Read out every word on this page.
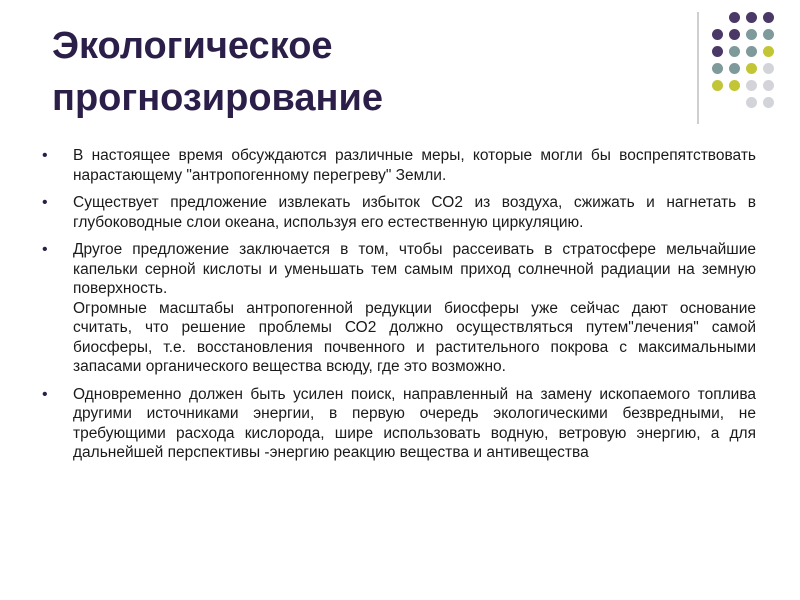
Экологическое
прогнозирование
• В настоящее время обсуждаются различные меры, которые могли бы воспрепятствовать нарастающему "антропогенному перегреву" Земли.
• Существует предложение извлекать избыток СО2 из воздуха, сжижать и нагнетать в глубоководные слои океана, используя его естественную циркуляцию.
• Другое предложение заключается в том, чтобы рассеивать в стратосфере мельчайшие капельки серной кислоты и уменьшать тем самым приход солнечной радиации на земную поверхность.
Огромные масштабы антропогенной редукции биосферы уже сейчас дают основание считать, что решение проблемы СО2 должно осуществляться путем"лечения" самой биосферы, т.е. восстановления почвенного и растительного покрова с максимальными запасами органического вещества всюду, где это возможно.
• Одновременно должен быть усилен поиск, направленный на замену ископаемого топлива другими источниками энергии, в первую очередь экологическими безвредными, не требующими расхода кислорода, шире использовать водную, ветровую энергию, а для дальнейшей перспективы -энергию реакцию вещества и антивещества
